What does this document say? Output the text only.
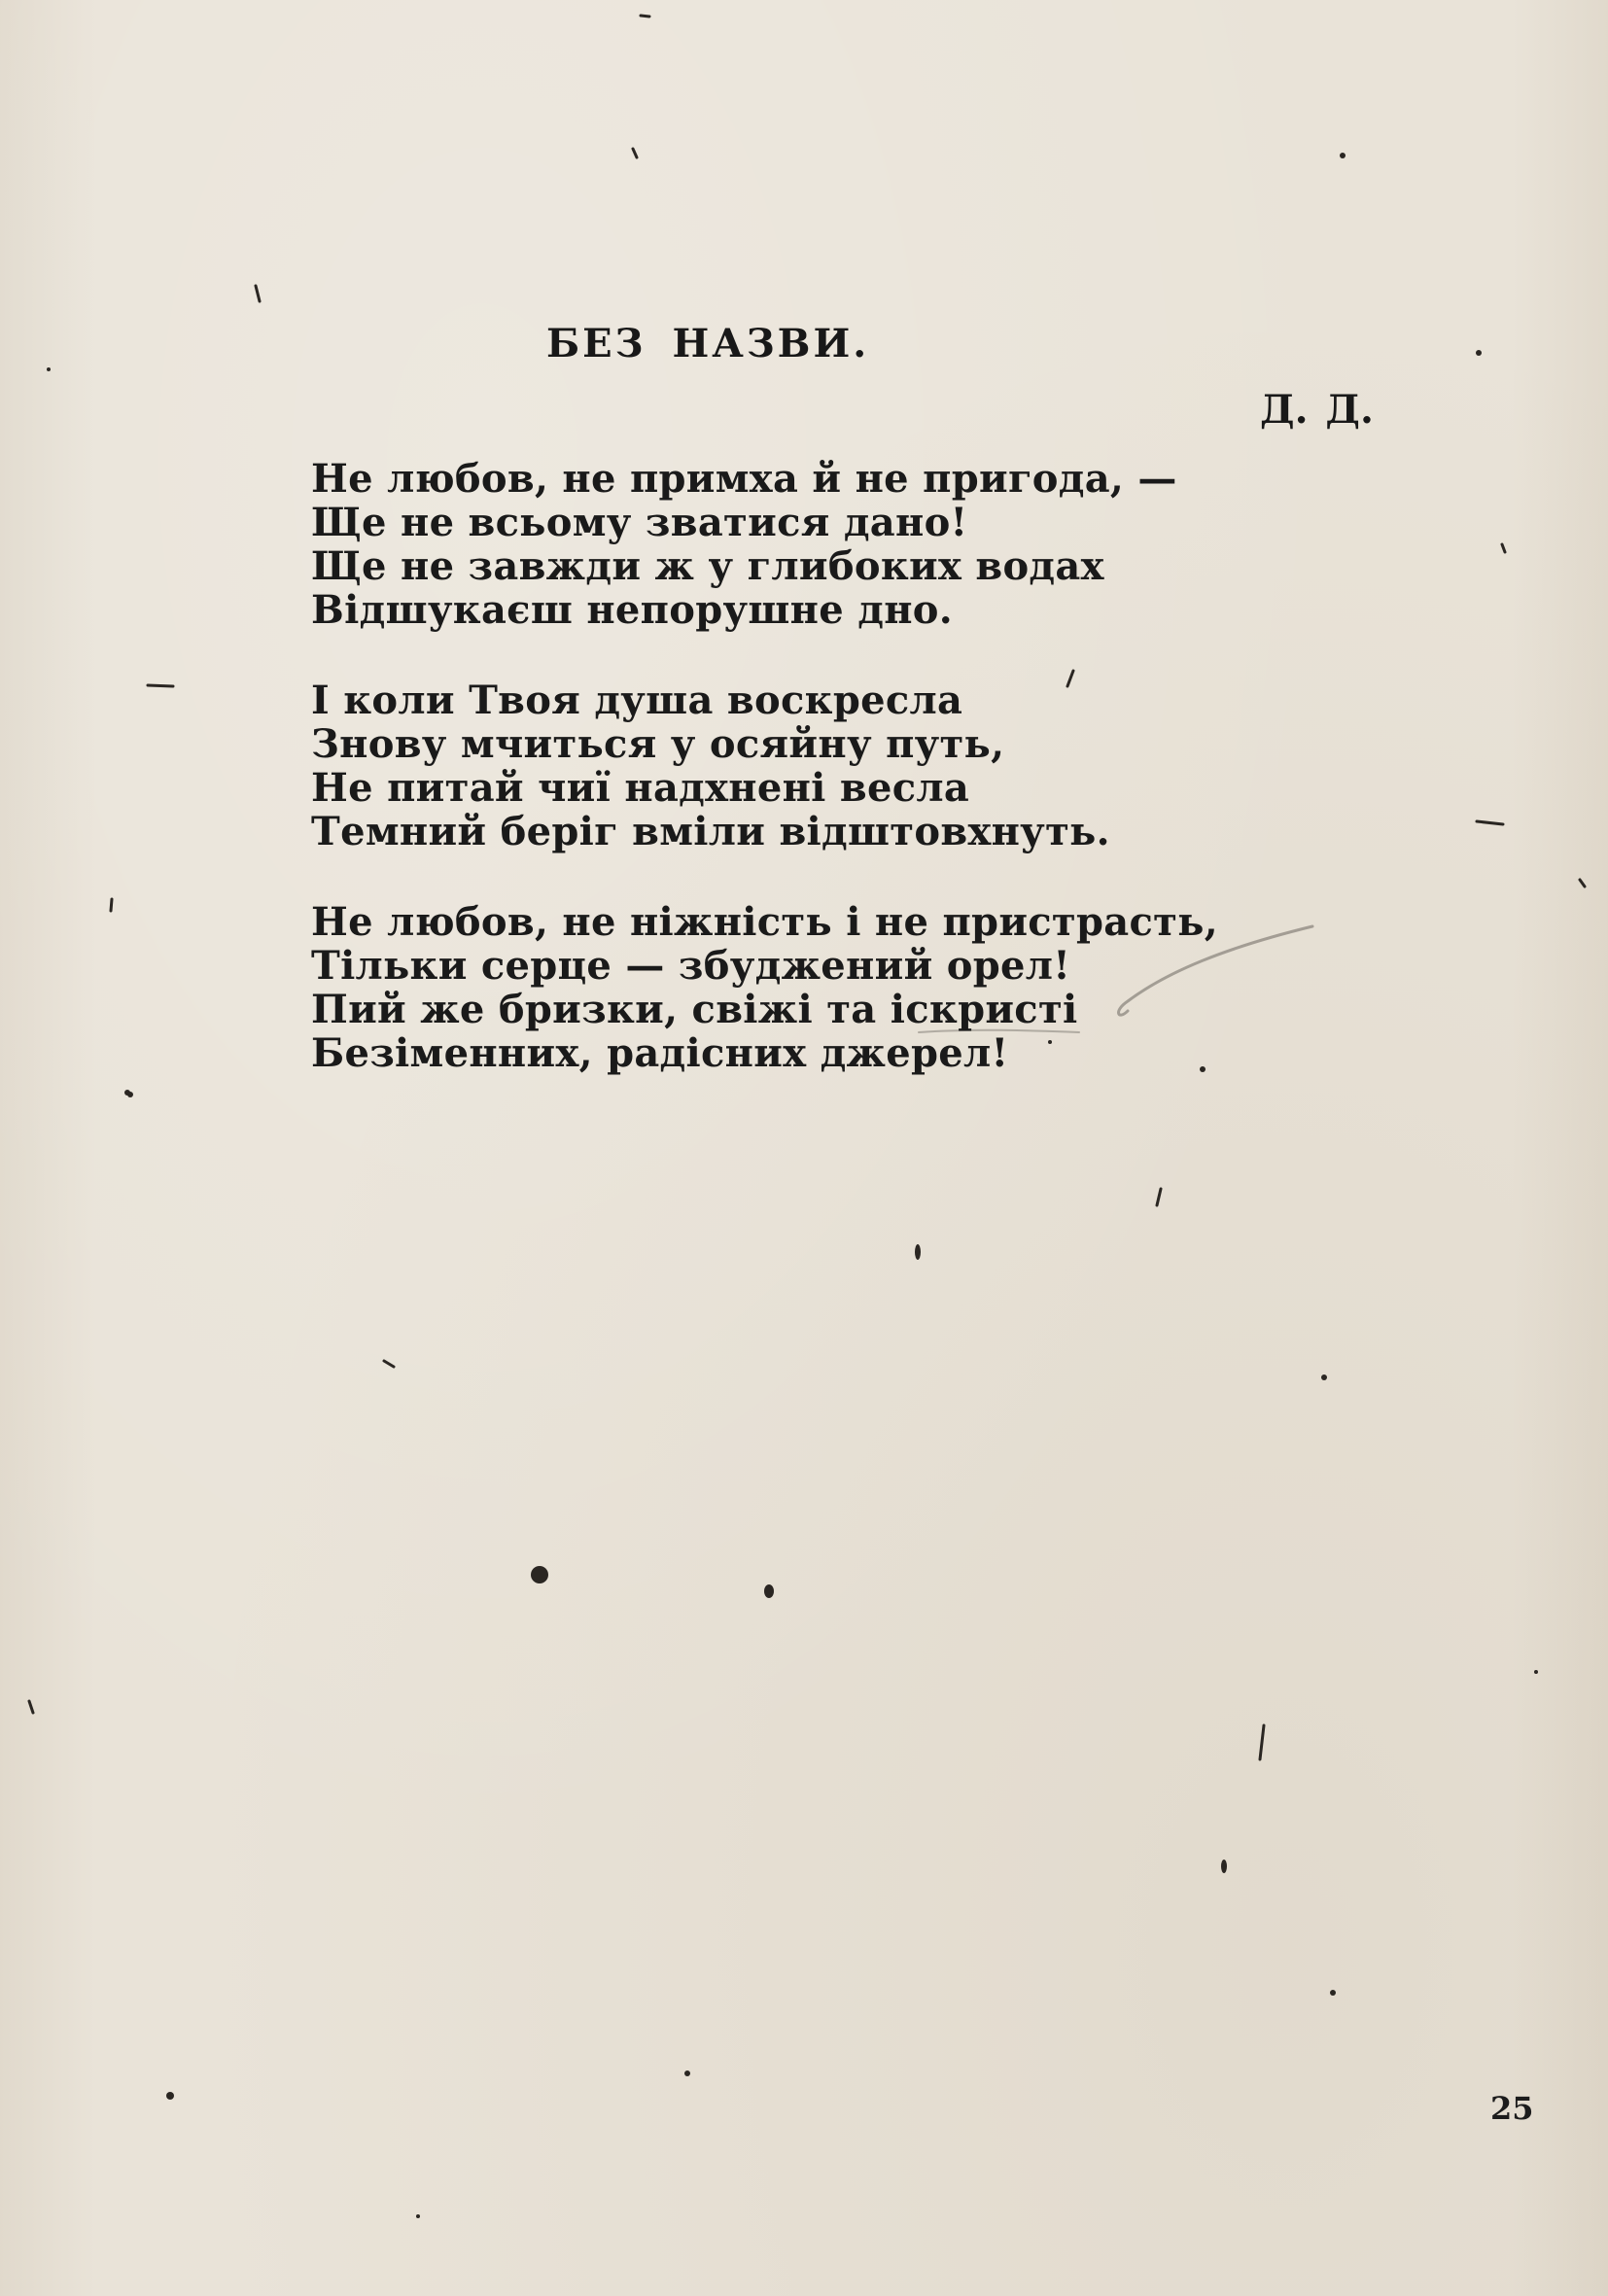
БЕЗ НАЗВИ.
Д. Д.
Не любов, не примха й не пригода, —
Ще не всьому зватися дано!
Ще не завжди ж у глибоких водах
Відшукаєш непорушне дно.
І коли Твоя душа воскресла
Знову мчиться у осяйну путь,
Не питай чиї надхнені весла
Темний беріг вміли відштовхнуть.
Не любов, не ніжність і не пристрасть,
Тільки серце — збуджений орел!
Пий же бризки, свіжі та іскристі
Безіменних, радісних джерел!
25
